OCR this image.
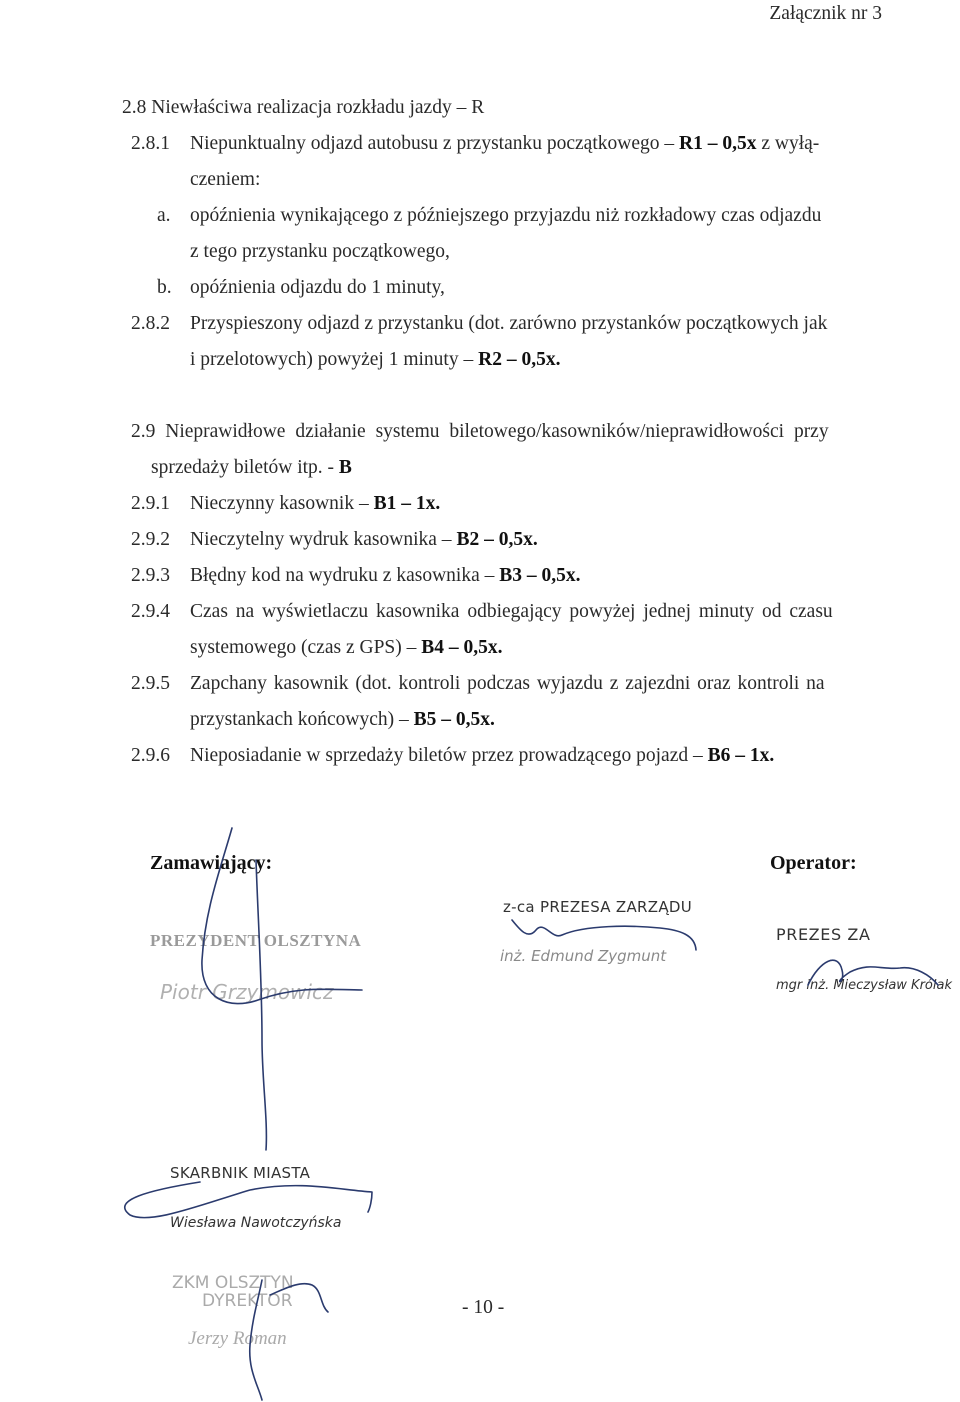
Załącznik nr 3
2.8 Niewłaściwa realizacja rozkładu jazdy – R
2.8.1 Niepunktualny odjazd autobusu z przystanku początkowego – R1 – 0,5x z wyłą-
czeniem:
a. opóźnienia wynikającego z późniejszego przyjazdu niż rozkładowy czas odjazdu
z tego przystanku początkowego,
b. opóźnienia odjazdu do 1 minuty,
2.8.2 Przyspieszony odjazd z przystanku (dot. zarówno przystanków początkowych jak
i przelotowych) powyżej 1 minuty – R2 – 0,5x.
2.9 Nieprawidłowe działanie systemu biletowego/kasowników/nieprawidłowości przy
sprzedaży biletów itp. - B
2.9.1 Nieczynny kasownik – B1 – 1x.
2.9.2 Nieczytelny wydruk kasownika – B2 – 0,5x.
2.9.3 Błędny kod na wydruku z kasownika – B3 – 0,5x.
2.9.4 Czas na wyświetlaczu kasownika odbiegający powyżej jednej minuty od czasu
systemowego (czas z GPS) – B4 – 0,5x.
2.9.5 Zapchany kasownik (dot. kontroli podczas wyjazdu z zajezdni oraz kontroli na
przystankach końcowych) – B5 – 0,5x.
2.9.6 Nieposiadanie w sprzedaży biletów przez prowadzącego pojazd – B6 – 1x.
Zamawiający:	Operator:
PREZYDENT OLSZTYNA
Piotr Grzymowicz
z-ca PREZESA ZARZĄDU
inż. Edmund Zygmunt
PREZES ZA
mgr inż. Mieczysław Królak
SKARBNIK MIASTA
Wiesława Nawotczyńska
ZKM OLSZTYN
DYREKTOR
Jerzy Roman
- 10 -
